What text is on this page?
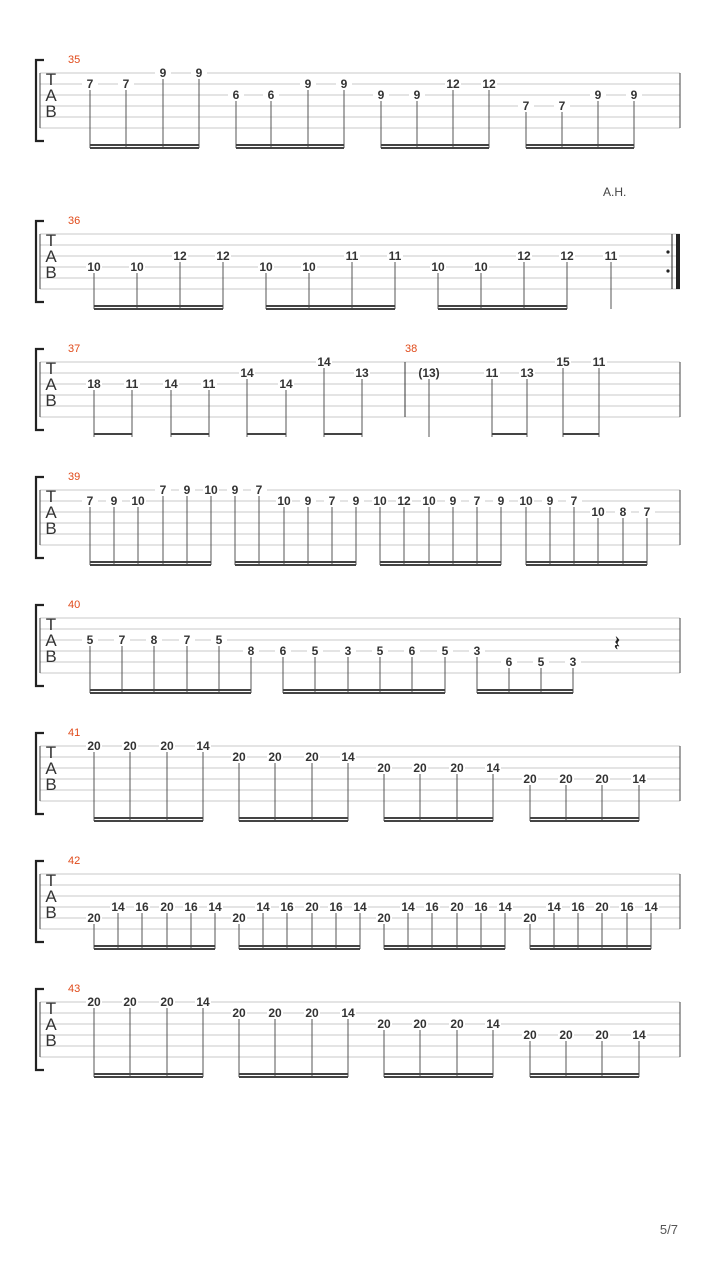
T
A
B
35
7 7
9 9
6 6
9 9
9 9
12 12
7 7
9 9
T
A
B
36
10 10
12 12
10 10
11	11
10 10
12 12	11
A.H.
T
A
B
37	38
18 11 14 11
14
14
14
13	(13)	11 13
15 11
T
A
B
39
7 9 10
7 9 10 9 7
10 9 7 9 10 12 10 9 7 9 10 9 7
10 8 7
T
A
B
40
5 7 8 7 5
8 6 5 3 5 6 5 3
6 5 3
𝄽
T
A
B
41
20 20 20 14
20 20 20 14
20 20 20 14
20 20 20 14
T
A
B
42
20
14 16 20 16 14
20
14 16 20 16 14
20
14 16 20 16 14
20
14 16 20 16 14
T
A
B
43
20 20 20 14
20 20 20 14
20 20 20 14
20 20 20 14
5/7
